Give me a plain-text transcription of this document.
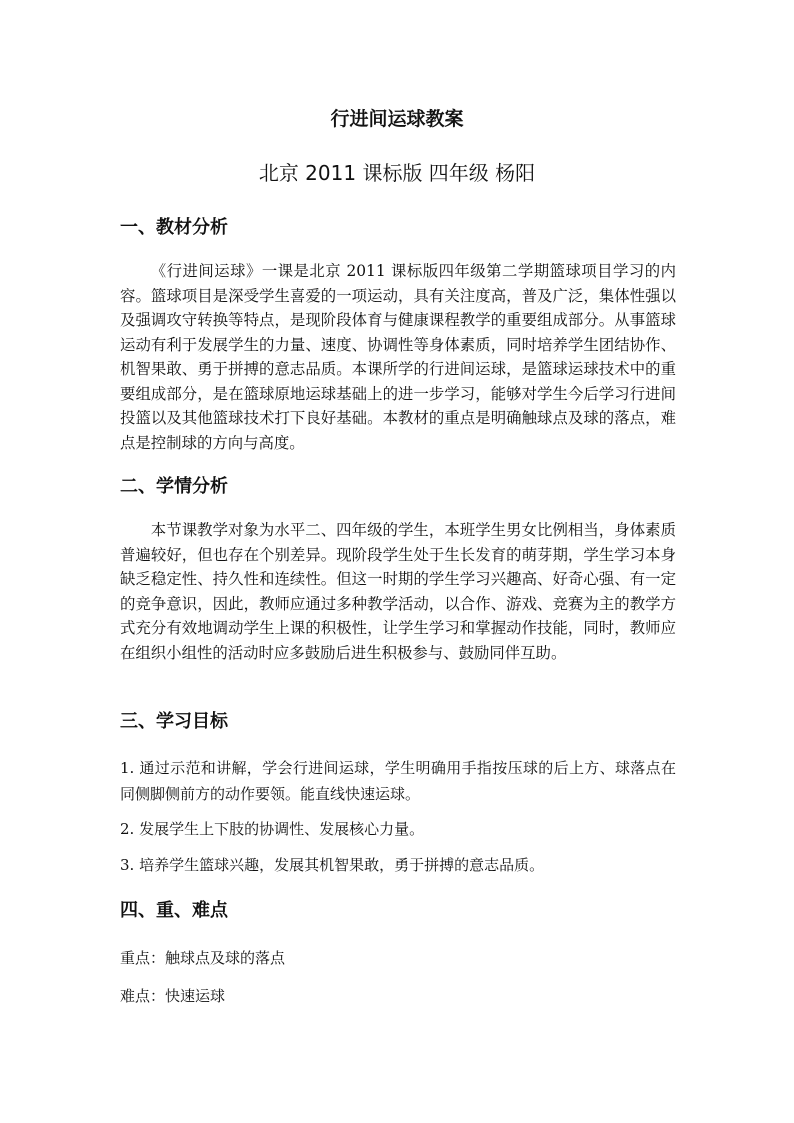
行进间运球教案
北京 2011 课标版 四年级 杨阳
一、教材分析
《行进间运球》一课是北京 2011 课标版四年级第二学期篮球项目学习的内容。篮球项目是深受学生喜爱的一项运动，具有关注度高，普及广泛，集体性强以及强调攻守转换等特点，是现阶段体育与健康课程教学的重要组成部分。从事篮球运动有利于发展学生的力量、速度、协调性等身体素质，同时培养学生团结协作、机智果敢、勇于拼搏的意志品质。本课所学的行进间运球，是篮球运球技术中的重要组成部分，是在篮球原地运球基础上的进一步学习，能够对学生今后学习行进间投篮以及其他篮球技术打下良好基础。本教材的重点是明确触球点及球的落点，难点是控制球的方向与高度。
二、学情分析
本节课教学对象为水平二、四年级的学生，本班学生男女比例相当，身体素质普遍较好，但也存在个别差异。现阶段学生处于生长发育的萌芽期，学生学习本身缺乏稳定性、持久性和连续性。但这一时期的学生学习兴趣高、好奇心强、有一定的竞争意识，因此，教师应通过多种教学活动，以合作、游戏、竞赛为主的教学方式充分有效地调动学生上课的积极性，让学生学习和掌握动作技能，同时，教师应在组织小组性的活动时应多鼓励后进生积极参与、鼓励同伴互助。
三、学习目标
1. 通过示范和讲解，学会行进间运球，学生明确用手指按压球的后上方、球落点在同侧脚侧前方的动作要领。能直线快速运球。
2. 发展学生上下肢的协调性、发展核心力量。
3. 培养学生篮球兴趣，发展其机智果敢，勇于拼搏的意志品质。
四、重、难点
重点：触球点及球的落点
难点：快速运球
